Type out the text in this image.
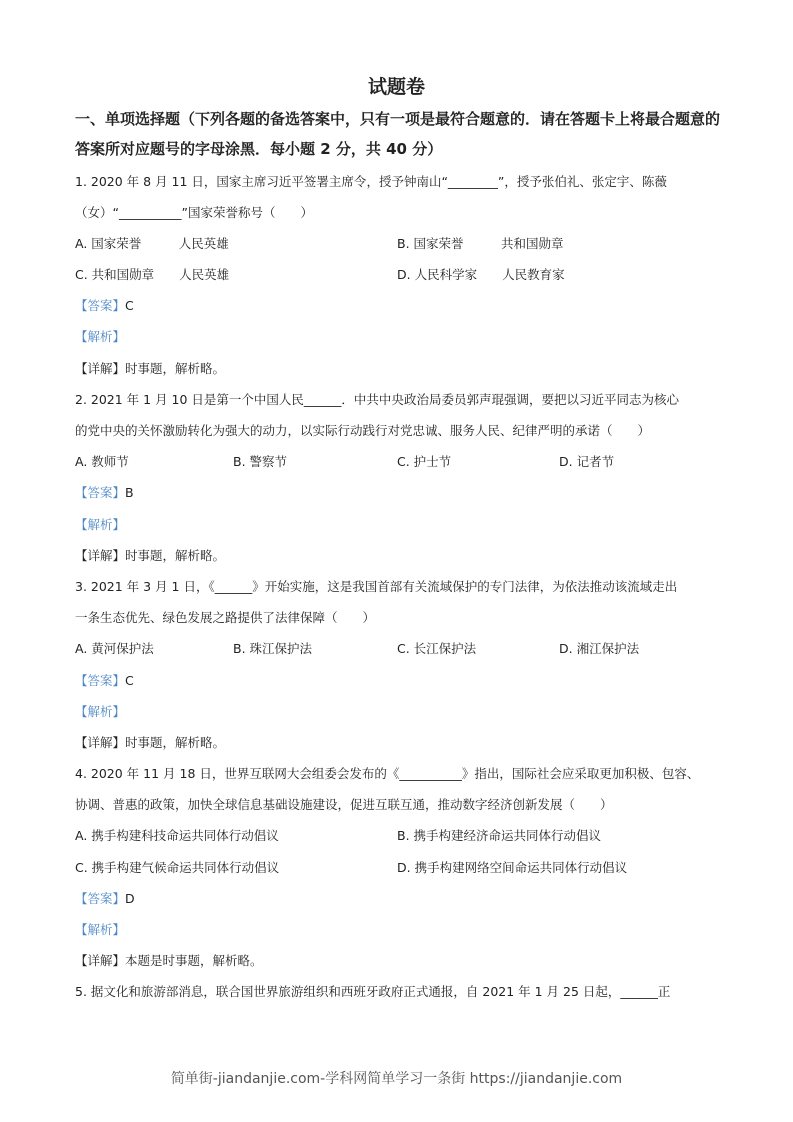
试题卷
一、单项选择题（下列各题的备选答案中，只有一项是最符合题意的．请在答题卡上将最合题意的答案所对应题号的字母涂黑．每小题 2 分，共 40 分）
1. 2020 年 8 月 11 日，国家主席习近平签署主席令，授予钟南山“________”，授予张伯礼、张定宇、陈薇
（女）“__________”国家荣誉称号（　　）
A. 国家荣誉　　　人民英雄	B. 国家荣誉　　　共和国勋章
C. 共和国勋章　　人民英雄	D. 人民科学家　　人民教育家
【答案】C
【解析】
【详解】时事题，解析略。
2. 2021 年 1 月 10 日是第一个中国人民______．中共中央政治局委员郭声琨强调，要把以习近平同志为核心
的党中央的关怀激励转化为强大的动力，以实际行动践行对党忠诚、服务人民、纪律严明的承诺（　　）
A. 教师节	B. 警察节	C. 护士节	D. 记者节
【答案】B
【解析】
【详解】时事题，解析略。
3. 2021 年 3 月 1 日，《______》开始实施，这是我国首部有关流域保护的专门法律，为依法推动该流域走出
一条生态优先、绿色发展之路提供了法律保障（　　）
A. 黄河保护法	B. 珠江保护法	C. 长江保护法	D. 湘江保护法
【答案】C
【解析】
【详解】时事题，解析略。
4. 2020 年 11 月 18 日，世界互联网大会组委会发布的《__________》指出，国际社会应采取更加积极、包容、
协调、普惠的政策，加快全球信息基础设施建设，促进互联互通，推动数字经济创新发展（　　）
A. 携手构建科技命运共同体行动倡议	B. 携手构建经济命运共同体行动倡议
C. 携手构建气候命运共同体行动倡议	D. 携手构建网络空间命运共同体行动倡议
【答案】D
【解析】
【详解】本题是时事题，解析略。
5. 据文化和旅游部消息，联合国世界旅游组织和西班牙政府正式通报，自 2021 年 1 月 25 日起，______正
简单街-jiandanjie.com-学科网简单学习一条街 https://jiandanjie.com
